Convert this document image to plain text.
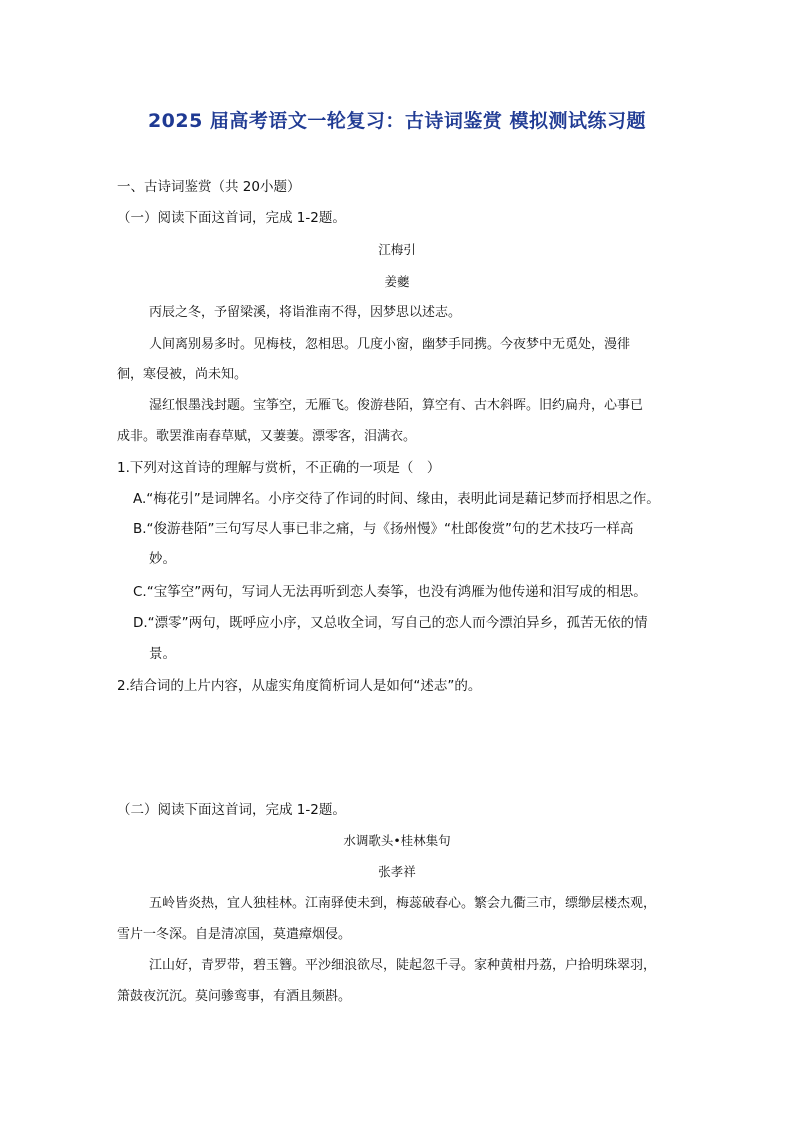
2025 届高考语文一轮复习：古诗词鉴赏 模拟测试练习题
一、古诗词鉴赏（共 20小题）
（一）阅读下面这首词，完成 1-2题。
江梅引
姜夔
丙辰之冬，予留梁溪，将诣淮南不得，因梦思以述志。
人间离别易多时。见梅枝，忽相思。几度小窗，幽梦手同携。今夜梦中无觅处，漫徘
徊，寒侵被，尚未知。
湿红恨墨浅封题。宝筝空，无雁飞。俊游巷陌，算空有、古木斜晖。旧约扁舟，心事已
成非。歌罢淮南春草赋，又萋萋。漂零客，泪满衣。
1.下列对这首诗的理解与赏析，不正确的一项是（　）
A.“梅花引”是词牌名。小序交待了作词的时间、缘由，表明此词是藉记梦而抒相思之作。
B.“俊游巷陌”三句写尽人事已非之痛，与《扬州慢》“杜郎俊赏”句的艺术技巧一样高
妙。
C.“宝筝空”两句，写词人无法再听到恋人奏筝，也没有鸿雁为他传递和泪写成的相思。
D.“漂零”两句，既呼应小序，又总收全词，写自己的恋人而今漂泊异乡，孤苦无依的情
景。
2.结合词的上片内容，从虚实角度简析词人是如何“述志”的。
（二）阅读下面这首词，完成 1-2题。
水调歌头•桂林集句
张孝祥
五岭皆炎热，宜人独桂林。江南驿使未到，梅蕊破春心。繁会九衢三市，缥缈层楼杰观，
雪片一冬深。自是清凉国，莫遣瘴烟侵。
江山好，青罗带，碧玉簪。平沙细浪欲尽，陡起忽千寻。家种黄柑丹荔，户拾明珠翠羽，
箫鼓夜沉沉。莫问骖鸾事，有酒且频斟。
